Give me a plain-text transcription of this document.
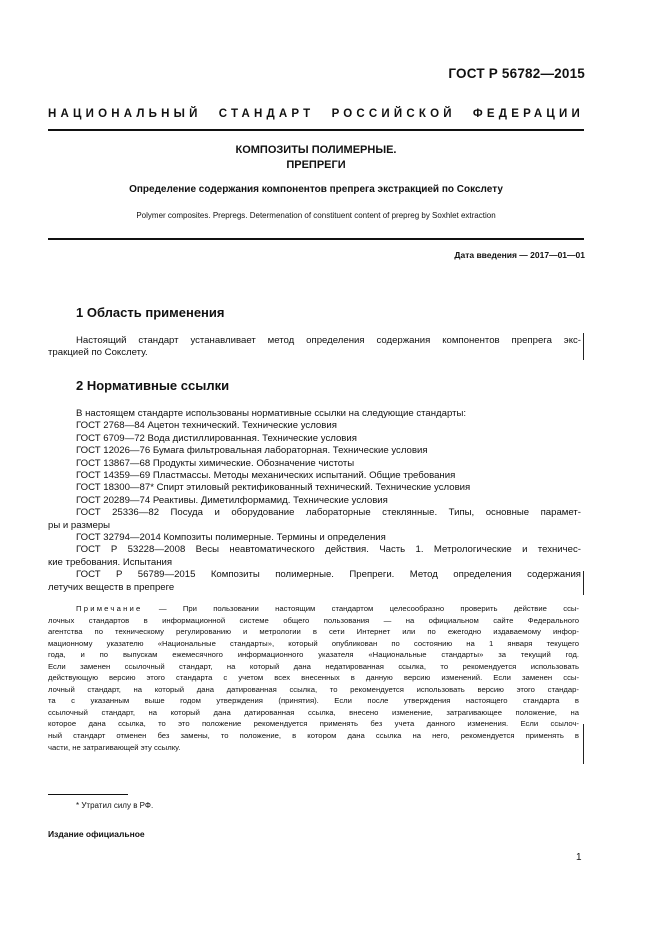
ГОСТ Р 56782—2015
НАЦИОНАЛЬНЫЙ СТАНДАРТ РОССИЙСКОЙ ФЕДЕРАЦИИ
КОМПОЗИТЫ ПОЛИМЕРНЫЕ.
ПРЕПРЕГИ
Определение содержания компонентов препрега экстракцией по Сокслету
Polymer composites. Prepregs. Determenation of constituent content of prepreg by Soxhlet extraction
Дата введения — 2017—01—01
1 Область применения
Настоящий стандарт устанавливает метод определения содержания компонентов препрега экс-
тракцией по Сокслету.
2 Нормативные ссылки
В настоящем стандарте использованы нормативные ссылки на следующие стандарты:
ГОСТ 2768—84 Ацетон технический. Технические условия
ГОСТ 6709—72 Вода дистиллированная. Технические условия
ГОСТ 12026—76 Бумага фильтровальная лабораторная. Технические условия
ГОСТ 13867—68 Продукты химические. Обозначение чистоты
ГОСТ 14359—69 Пластмассы. Методы механических испытаний. Общие требования
ГОСТ 18300—87* Спирт этиловый ректификованный технический. Технические условия
ГОСТ 20289—74 Реактивы. Диметилформамид. Технические условия
ГОСТ 25336—82 Посуда и оборудование лабораторные стеклянные. Типы, основные парамет-
ры и размеры
ГОСТ 32794—2014 Композиты полимерные. Термины и определения
ГОСТ Р 53228—2008 Весы неавтоматического действия. Часть 1. Метрологические и техничес-
кие требования. Испытания
ГОСТ Р 56789—2015 Композиты полимерные. Препреги. Метод определения содержания
летучих веществ в препреге
Примечание — При пользовании настоящим стандартом целесообразно проверить действие ссы-
лочных стандартов в информационной системе общего пользования — на официальном сайте Федерального
агентства по техническому регулированию и метрологии в сети Интернет или по ежегодно издаваемому инфор-
мационному указателю «Национальные стандарты», который опубликован по состоянию на 1 января текущего
года, и по выпускам ежемесячного информационного указателя «Национальные стандарты» за текущий год.
Если заменен ссылочный стандарт, на который дана недатированная ссылка, то рекомендуется использовать
действующую версию этого стандарта с учетом всех внесенных в данную версию изменений. Если заменен ссы-
лочный стандарт, на который дана датированная ссылка, то рекомендуется использовать версию этого стандар-
та с указанным выше годом утверждения (принятия). Если после утверждения настоящего стандарта в
ссылочный стандарт, на который дана датированная ссылка, внесено изменение, затрагивающее положение, на
которое дана ссылка, то это положение рекомендуется применять без учета данного изменения. Если ссылоч-
ный стандарт отменен без замены, то положение, в котором дана ссылка на него, рекомендуется применять в
части, не затрагивающей эту ссылку.
* Утратил силу в РФ.
Издание официальное
1
